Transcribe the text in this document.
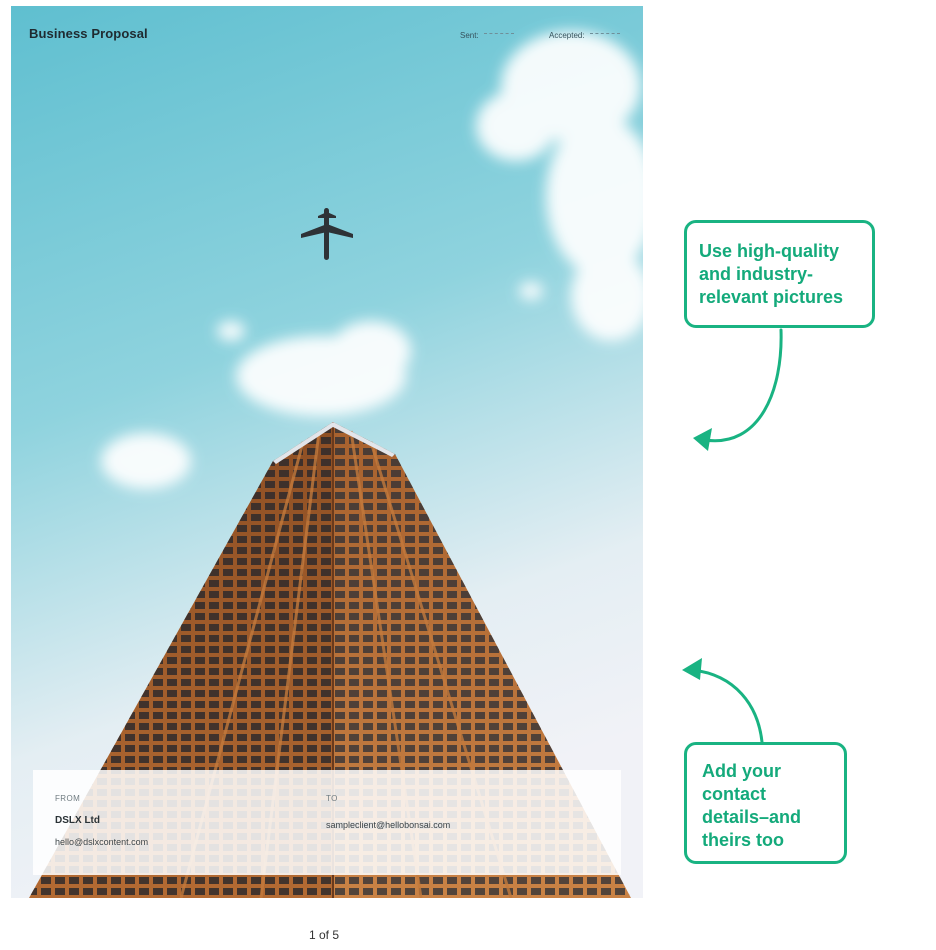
Business Proposal	Sent:	Accepted:
FROM
DSLX Ltd
hello@dslxcontent.com
TO
sampleclient@hellobonsai.com
1 of 5
Use high-quality
and industry-
relevant pictures
Add your
contact
details–and
theirs too
